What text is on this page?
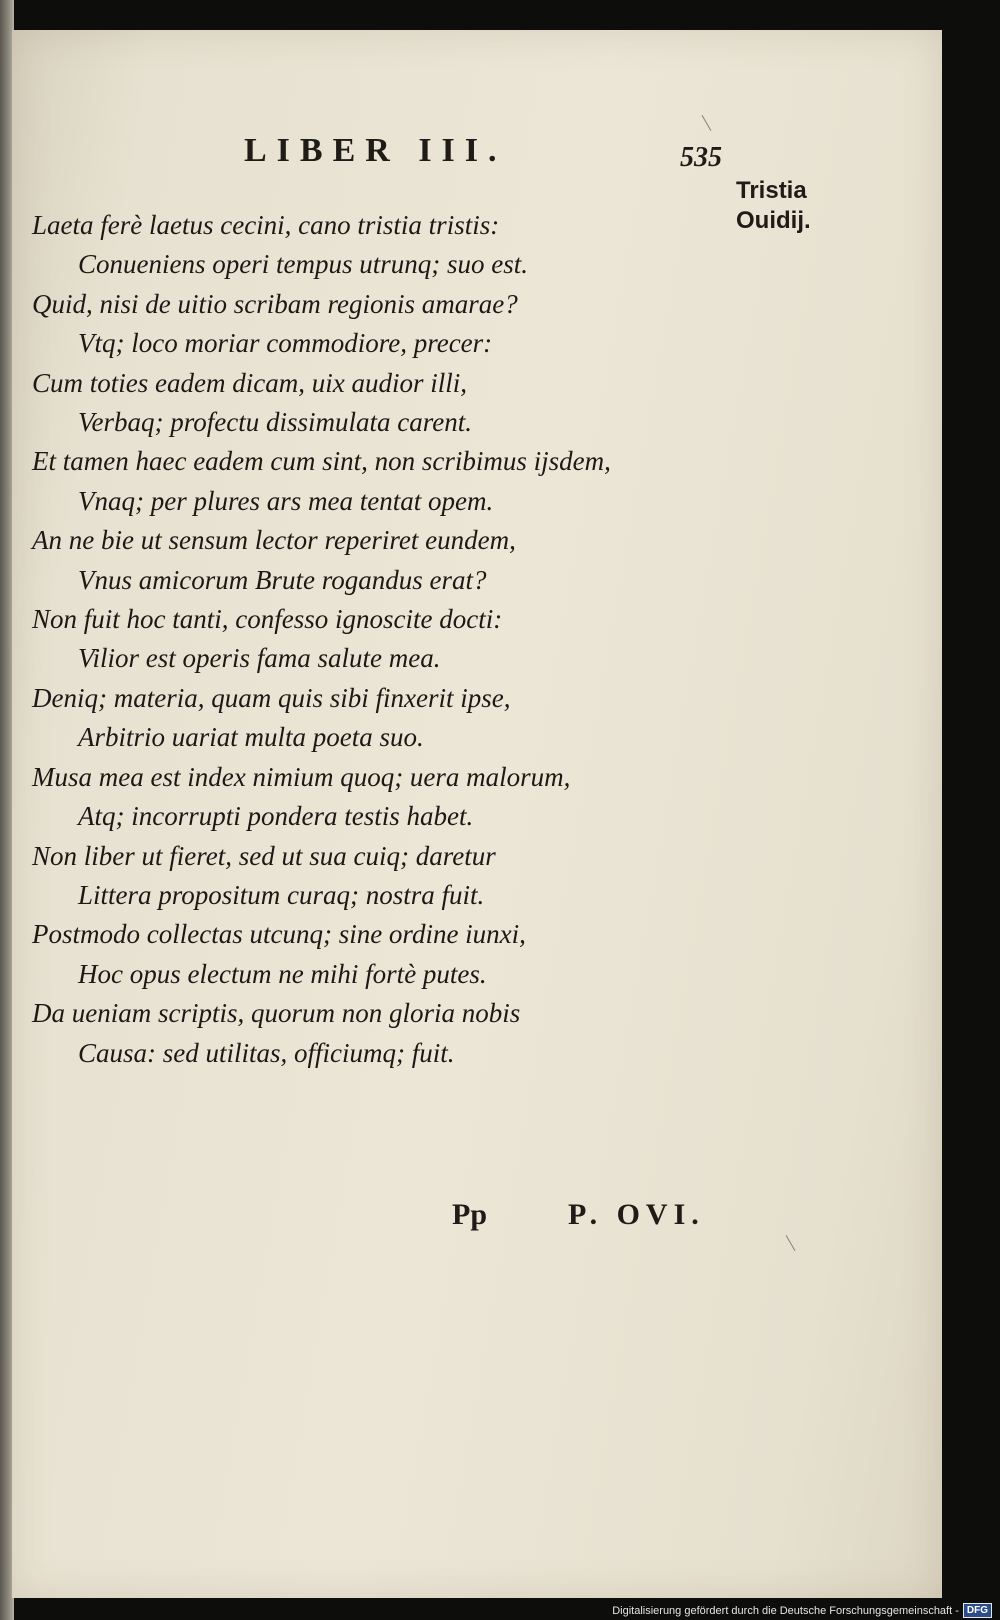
LIBER III.	535
Tristia
Ouidij.
Laeta ferè laetus cecini, cano tristia tristis:
Conueniens operi tempus utrunq; suo est.
Quid, nisi de uitio scribam regionis amarae?
Vtq; loco moriar commodiore, precer:
Cum toties eadem dicam, uix audior illi,
Verbaq; profectu dissimulata carent.
Et tamen haec eadem cum sint, non scribimus ijsdem,
Vnaq; per plures ars mea tentat opem.
An ne bie ut sensum lector reperiret eundem,
Vnus amicorum Brute rogandus erat?
Non fuit hoc tanti, confesso ignoscite docti:
Vilior est operis fama salute mea.
Deniq; materia, quam quis sibi finxerit ipse,
Arbitrio uariat multa poeta suo.
Musa mea est index nimium quoq; uera malorum,
Atq; incorrupti pondera testis habet.
Non liber ut fieret, sed ut sua cuiq; daretur
Littera propositum curaq; nostra fuit.
Postmodo collectas utcunq; sine ordine iunxi,
Hoc opus electum ne mihi fortè putes.
Da ueniam scriptis, quorum non gloria nobis
Causa: sed utilitas, officiumq; fuit.
Pp	P. OVI.
Digitalisierung gefördert durch die Deutsche Forschungsgemeinschaft - DFG
